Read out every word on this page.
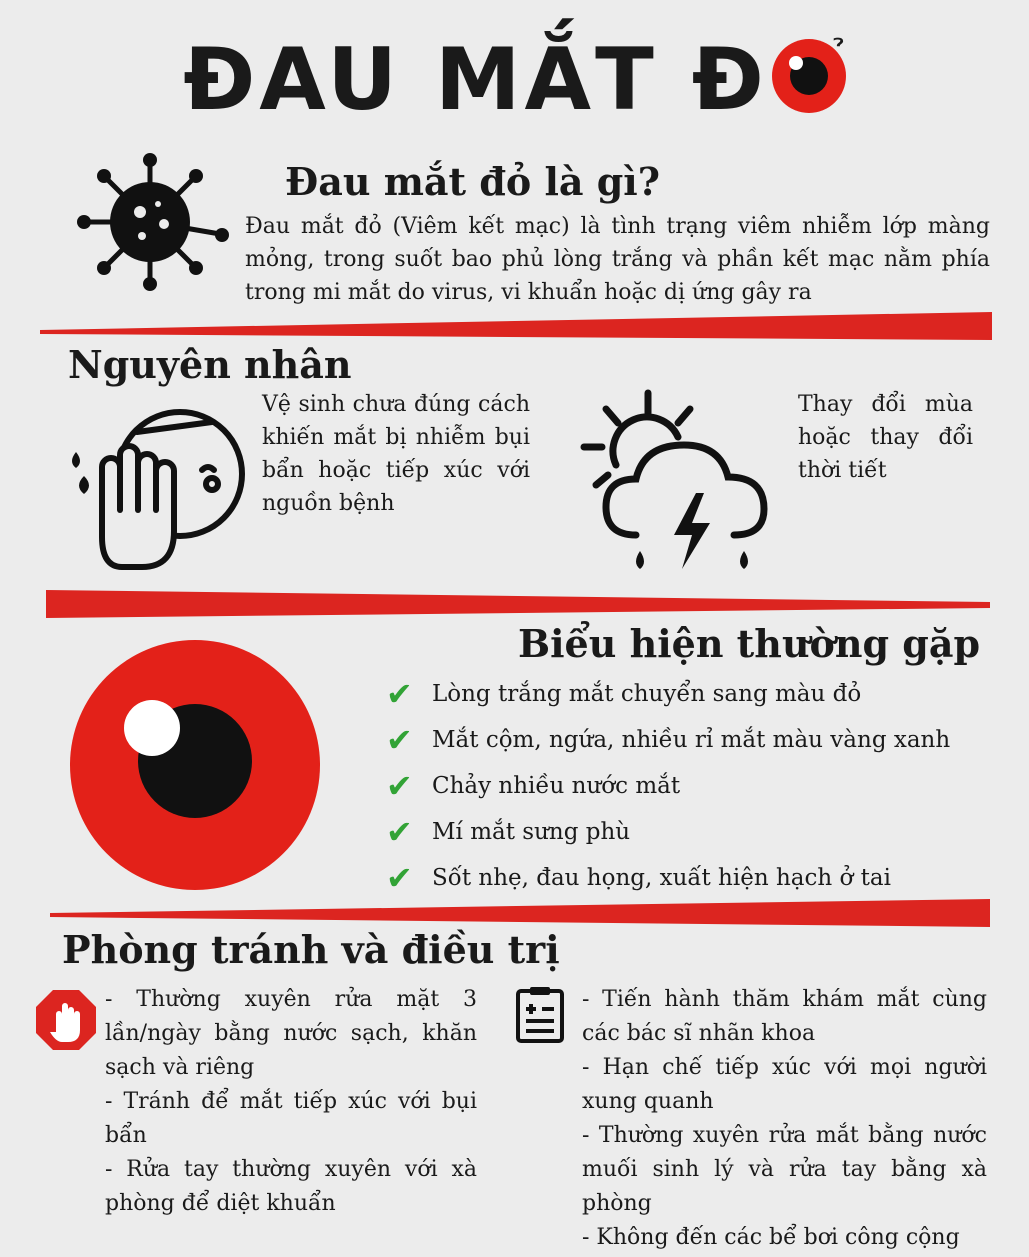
ĐAU MẮT Đ ̉
Đau mắt đỏ là gì?
Đau mắt đỏ (Viêm kết mạc) là tình trạng viêm nhiễm lớp màng mỏng, trong suốt bao phủ lòng trắng và phần kết mạc nằm phía trong mi mắt do virus, vi khuẩn hoặc dị ứng gây ra
Nguyên nhân
Vệ sinh chưa đúng cách khiến mắt bị nhiễm bụi bẩn hoặc tiếp xúc với nguồn bệnh
Thay đổi mùa hoặc thay đổi thời tiết
Biểu hiện thường gặp
✔ Lòng trắng mắt chuyển sang màu đỏ
✔ Mắt cộm, ngứa, nhiều rỉ mắt màu vàng xanh
✔ Chảy nhiều nước mắt
✔ Mí mắt sưng phù
✔ Sốt nhẹ, đau họng, xuất hiện hạch ở tai
Phòng tránh và điều trị

- Thường xuyên rửa mặt 3 lần/ngày bằng nước sạch, khăn sạch và riêng

- Tránh để mắt tiếp xúc với bụi bẩn

- Rửa tay thường xuyên với xà phòng để diệt khuẩn

- Tiến hành thăm khám mắt cùng các bác sĩ nhãn khoa

- Hạn chế tiếp xúc với mọi người xung quanh

- Thường xuyên rửa mắt bằng nước muối sinh lý và rửa tay bằng xà phòng

- Không đến các bể bơi công cộng
